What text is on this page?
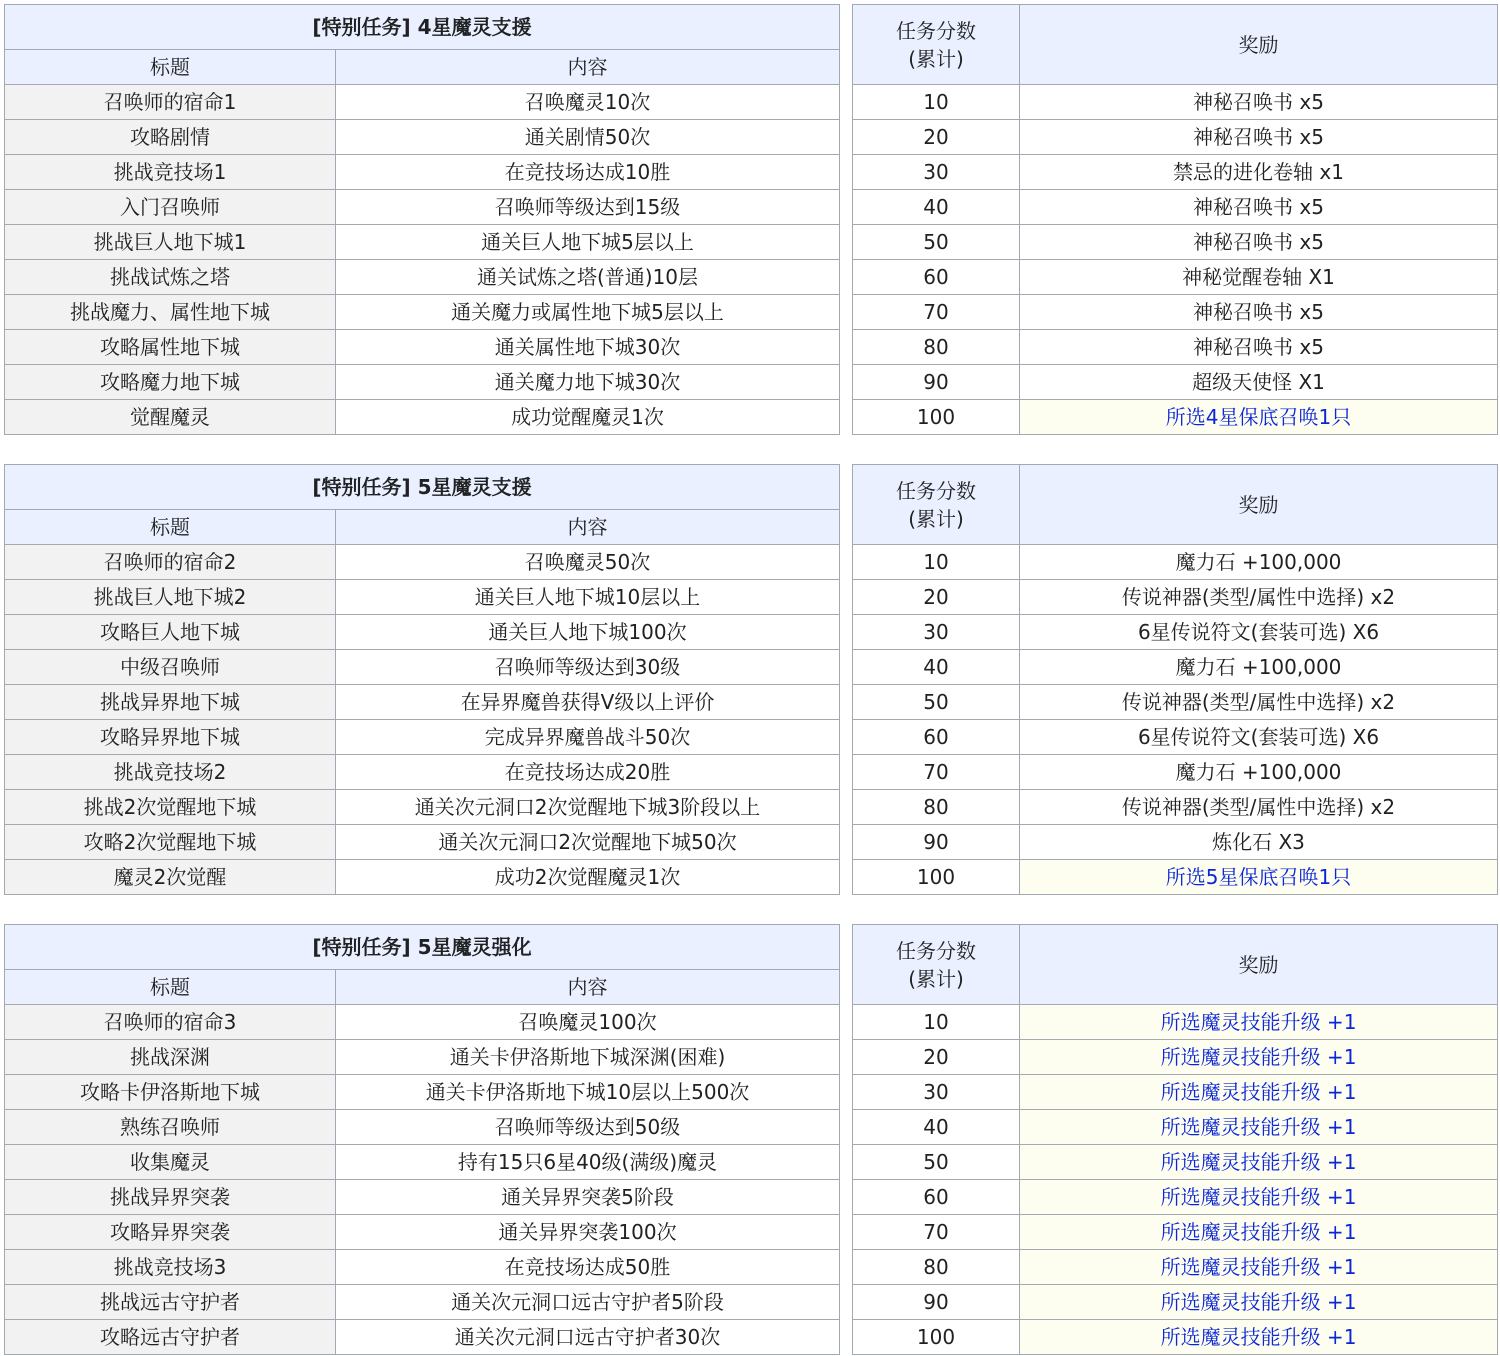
[特别任务] 4星魔灵支援	
标题	内容
召唤师的宿命1	召唤魔灵10次
攻略剧情	通关剧情50次
挑战竞技场1	在竞技场达成10胜
入门召唤师	召唤师等级达到15级
挑战巨人地下城1	通关巨人地下城5层以上
挑战试炼之塔	通关试炼之塔(普通)10层
挑战魔力、属性地下城	通关魔力或属性地下城5层以上
攻略属性地下城	通关属性地下城30次
攻略魔力地下城	通关魔力地下城30次
觉醒魔灵	成功觉醒魔灵1次
任务分数
(累计)	奖励
10	神秘召唤书 x5
20	神秘召唤书 x5
30	禁忌的进化卷轴 x1
40	神秘召唤书 x5
50	神秘召唤书 x5
60	神秘觉醒卷轴 X1
70	神秘召唤书 x5
80	神秘召唤书 x5
90	超级天使怪 X1
100	所选4星保底召唤1只
[特别任务] 5星魔灵支援	
标题	内容
召唤师的宿命2	召唤魔灵50次
挑战巨人地下城2	通关巨人地下城10层以上
攻略巨人地下城	通关巨人地下城100次
中级召唤师	召唤师等级达到30级
挑战异界地下城	在异界魔兽获得Ⅴ级以上评价
攻略异界地下城	完成异界魔兽战斗50次
挑战竞技场2	在竞技场达成20胜
挑战2次觉醒地下城	通关次元洞口2次觉醒地下城3阶段以上
攻略2次觉醒地下城	通关次元洞口2次觉醒地下城50次
魔灵2次觉醒	成功2次觉醒魔灵1次
任务分数
(累计)	奖励
10	魔力石 +100,000
20	传说神器(类型/属性中选择) x2
30	6星传说符文(套装可选) X6
40	魔力石 +100,000
50	传说神器(类型/属性中选择) x2
60	6星传说符文(套装可选) X6
70	魔力石 +100,000
80	传说神器(类型/属性中选择) x2
90	炼化石 X3
100	所选5星保底召唤1只
[特别任务] 5星魔灵强化	
标题	内容
召唤师的宿命3	召唤魔灵100次
挑战深渊	通关卡伊洛斯地下城深渊(困难)
攻略卡伊洛斯地下城	通关卡伊洛斯地下城10层以上500次
熟练召唤师	召唤师等级达到50级
收集魔灵	持有15只6星40级(满级)魔灵
挑战异界突袭	通关异界突袭5阶段
攻略异界突袭	通关异界突袭100次
挑战竞技场3	在竞技场达成50胜
挑战远古守护者	通关次元洞口远古守护者5阶段
攻略远古守护者	通关次元洞口远古守护者30次
任务分数
(累计)	奖励
10	所选魔灵技能升级 +1
20	所选魔灵技能升级 +1
30	所选魔灵技能升级 +1
40	所选魔灵技能升级 +1
50	所选魔灵技能升级 +1
60	所选魔灵技能升级 +1
70	所选魔灵技能升级 +1
80	所选魔灵技能升级 +1
90	所选魔灵技能升级 +1
100	所选魔灵技能升级 +1
